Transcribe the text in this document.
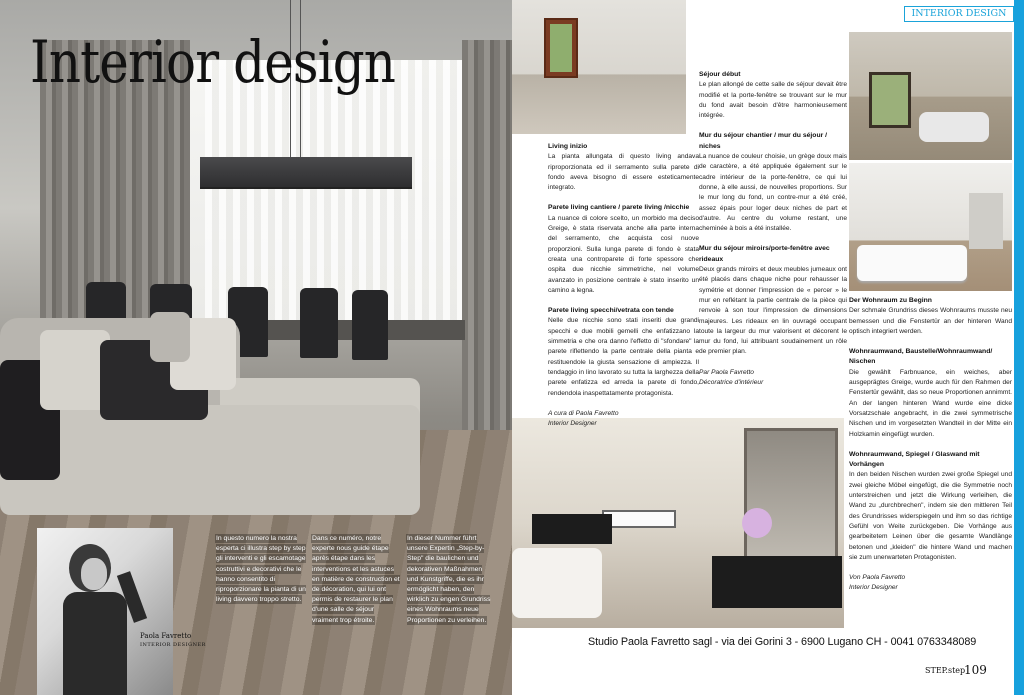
Interior design
Paola Favretto
INTERIOR DESIGNER

In questo numero la nostra esperta ci illustra step by step gli interventi e gli escamotage costruttivi e decorativi che le hanno consentito di riproporzionare la pianta di un living davvero troppo stretto.

Dans ce numéro, notre experte nous guide étape après étape dans les interventions et les astuces en matière de construction et de décoration, qui lui ont permis de restaurer le plan d'une salle de séjour vraiment trop étroite.

In dieser Nummer führt unsere Expertin „Step-by-Step" die baulichen und dekorativen Maßnahmen und Kunstgriffe, die es ihr ermöglicht haben, den wirklich zu engen Grundriss eines Wohnraums neue Proportionen zu verleihen.

INTERIOR DESIGN
Living inizio

La pianta allungata di questo living andava riproporzionata ed il serramento sulla parete di fondo aveva bisogno di essere esteticamente integrato.

Parete living cantiere / parete living /nicchie

La nuance di colore scelto, un morbido ma deciso Greige, è stata riservata anche alla parte interna del serramento, che acquista così nuove proporzioni. Sulla lunga parete di fondo è stata creata una controparete di forte spessore che ospita due nicchie simmetriche, nel volume avanzato in posizione centrale è stato inserito un camino a legna.

Parete living specchi/vetrata con tende

Nelle due nicchie sono stati inseriti due grandi specchi e due mobili gemelli che enfatizzano la simmetria e che ora danno l'effetto di "sfondare" la parete riflettendo la parte centrale della pianta e restituendole la giusta sensazione di ampiezza. Il tendaggio in lino lavorato su tutta la larghezza della parete enfatizza ed arreda la parete di fondo, rendendola inaspettatamente protagonista.

A cura di Paola Favretto
Interior Designer
Séjour début

Le plan allongé de cette salle de séjour devait être modifié et la porte-fenêtre se trouvant sur le mur du fond avait besoin d'être harmonieusement intégrée.

Mur du séjour chantier / mur du séjour / niches

La nuance de couleur choisie, un grège doux mais de caractère, a été appliquée également sur le cadre intérieur de la porte-fenêtre, ce qui lui donne, à elle aussi, de nouvelles proportions. Sur le mur long du fond, un contre-mur a été créé, assez épais pour loger deux niches de part et d'autre. Au centre du volume restant, une cheminée à bois a été installée.

Mur du séjour miroirs/porte-fenêtre avec rideaux

Deux grands miroirs et deux meubles jumeaux ont été placés dans chaque niche pour rehausser la symétrie et donner l'impression de « percer » le mur en reflétant la partie centrale de la pièce qui renvoie à son tour l'impression de dimensions majeures. Les rideaux en lin ouvragé occupant toute la largeur du mur valorisent et décorent le mur du fond, lui attribuant soudainement un rôle de premier plan.

Par Paola Favretto
Décoratrice d'intérieur
Der Wohnraum zu Beginn

Der schmale Grundriss dieses Wohnraums musste neu bemessen und die Fenstertür an der hinteren Wand optisch integriert werden.

Wohnraumwand, Baustelle/Wohnraumwand/ Nischen

Die gewählt Farbnuance, ein weiches, aber ausgeprägtes Greige, wurde auch für den Rahmen der Fenstertür gewählt, das so neue Proportionen annimmt. An der langen hinteren Wand wurde eine dicke Vorsatzschale angebracht, in die zwei symmetrische Nischen und im vorgesetzten Wandteil in der Mitte ein Holzkamin eingefügt wurden.

Wohnraumwand, Spiegel / Glaswand mit Vorhängen

In den beiden Nischen wurden zwei große Spiegel und zwei gleiche Möbel eingefügt, die die Symmetrie noch unterstreichen und jetzt die Wirkung verleihen, die Wand zu „durchbrechen", indem sie den mittleren Teil des Grundrisses widerspiegeln und ihm so das richtige Gefühl von Weite zurückgeben. Die Vorhänge aus gearbeitetem Leinen über die gesamte Wandlänge betonen und „kleiden" die hintere Wand und machen sie zum unerwarteten Protagonisten.

Von Paola Favretto
Interior Designer
Studio Paola Favretto sagl - via dei Gorini 3 - 6900 Lugano CH - 0041 0763348089
STEP.step
109
